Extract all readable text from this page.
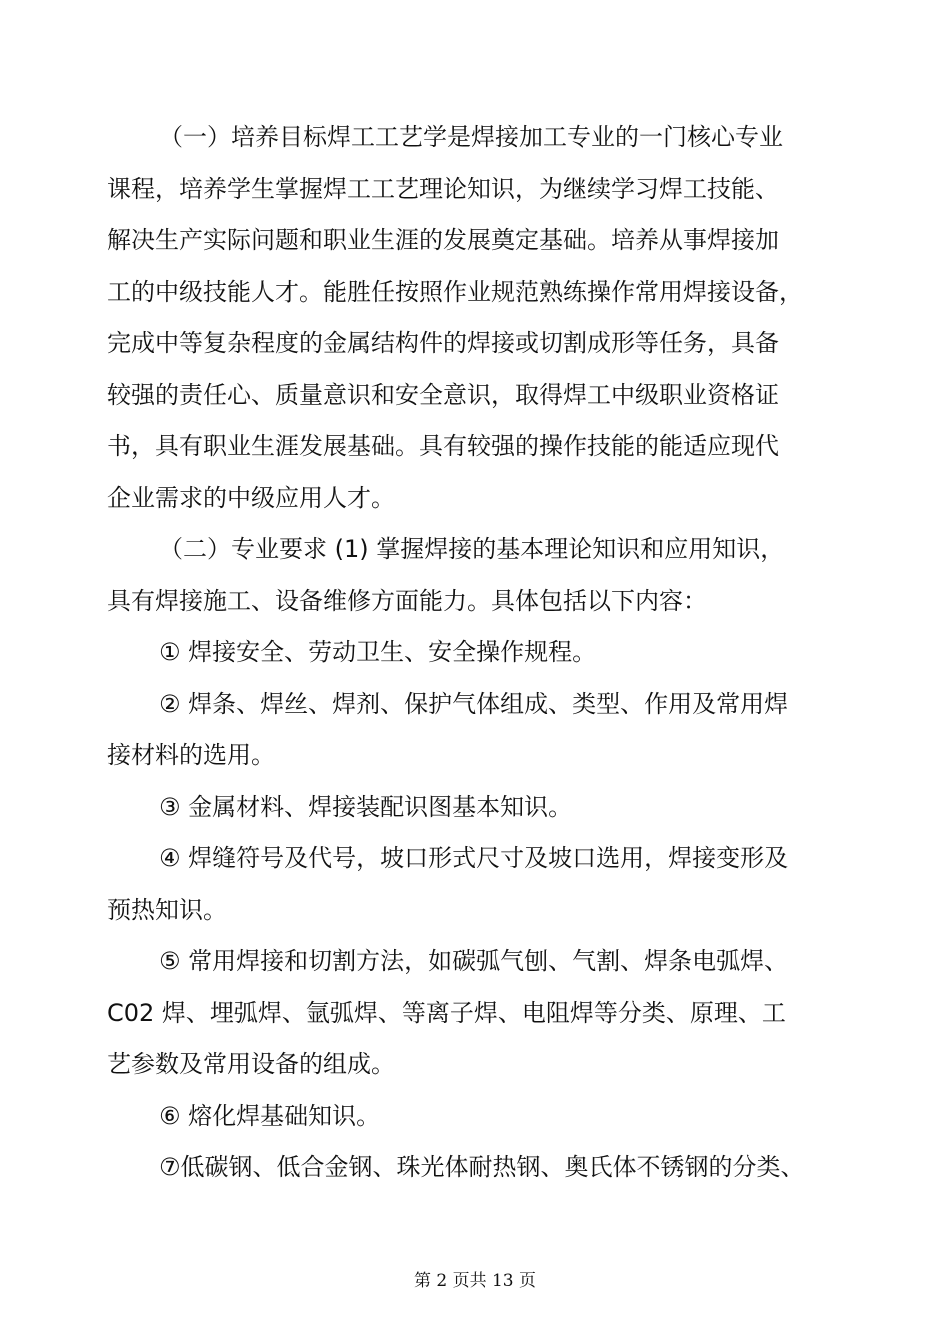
（一）培养目标焊工工艺学是焊接加工专业的一门核心专业
课程，培养学生掌握焊工工艺理论知识，为继续学习焊工技能、
解决生产实际问题和职业生涯的发展奠定基础。培养从事焊接加
工的中级技能人才。能胜任按照作业规范熟练操作常用焊接设备，
完成中等复杂程度的金属结构件的焊接或切割成形等任务，具备
较强的责任心、质量意识和安全意识，取得焊工中级职业资格证
书，具有职业生涯发展基础。具有较强的操作技能的能适应现代
企业需求的中级应用人才。

（二）专业要求 (1) 掌握焊接的基本理论知识和应用知识，
具有焊接施工、设备维修方面能力。具体包括以下内容：

① 焊接安全、劳动卫生、安全操作规程。

② 焊条、焊丝、焊剂、保护气体组成、类型、作用及常用焊
接材料的选用。

③ 金属材料、焊接装配识图基本知识。

④ 焊缝符号及代号，坡口形式尺寸及坡口选用，焊接变形及
预热知识。

⑤ 常用焊接和切割方法，如碳弧气刨、气割、焊条电弧焊、
C02 焊、埋弧焊、氩弧焊、等离子焊、电阻焊等分类、原理、工
艺参数及常用设备的组成。

⑥ 熔化焊基础知识。

⑦低碳钢、低合金钢、珠光体耐热钢、奥氏体不锈钢的分类、

第 2 页共 13 页
